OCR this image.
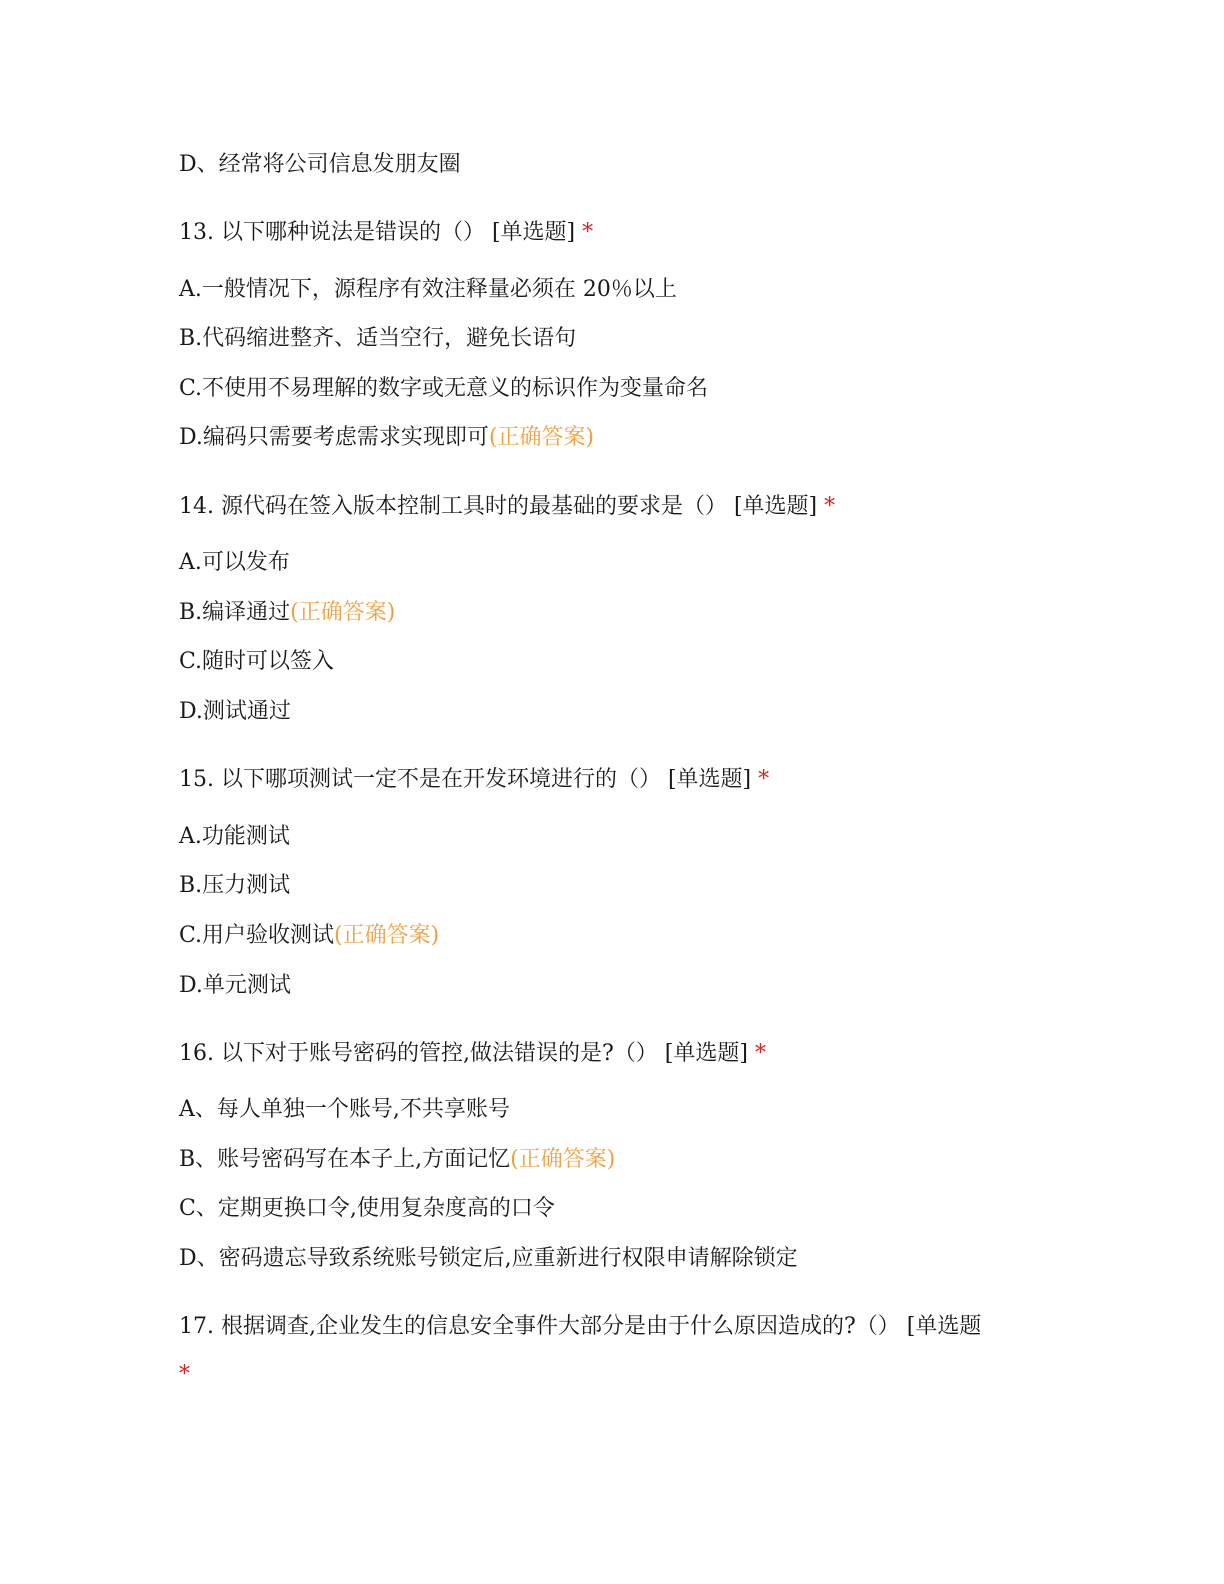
D、经常将公司信息发朋友圈
13. 以下哪种说法是错误的（） [单选题] *
A.一般情况下，源程序有效注释量必须在 20％以上
B.代码缩进整齐、适当空行，避免长语句
C.不使用不易理解的数字或无意义的标识作为变量命名
D.编码只需要考虑需求实现即可(正确答案)
14. 源代码在签入版本控制工具时的最基础的要求是（） [单选题] *
A.可以发布
B.编译通过(正确答案)
C.随时可以签入
D.测试通过
15. 以下哪项测试一定不是在开发环境进行的（） [单选题] *
A.功能测试
B.压力测试
C.用户验收测试(正确答案)
D.单元测试
16. 以下对于账号密码的管控,做法错误的是?（） [单选题] *
A、每人单独一个账号,不共享账号
B、账号密码写在本子上,方面记忆(正确答案)
C、定期更换口令,使用复杂度高的口令
D、密码遗忘导致系统账号锁定后,应重新进行权限申请解除锁定
17. 根据调查,企业发生的信息安全事件大部分是由于什么原因造成的?（） [单选题
*
